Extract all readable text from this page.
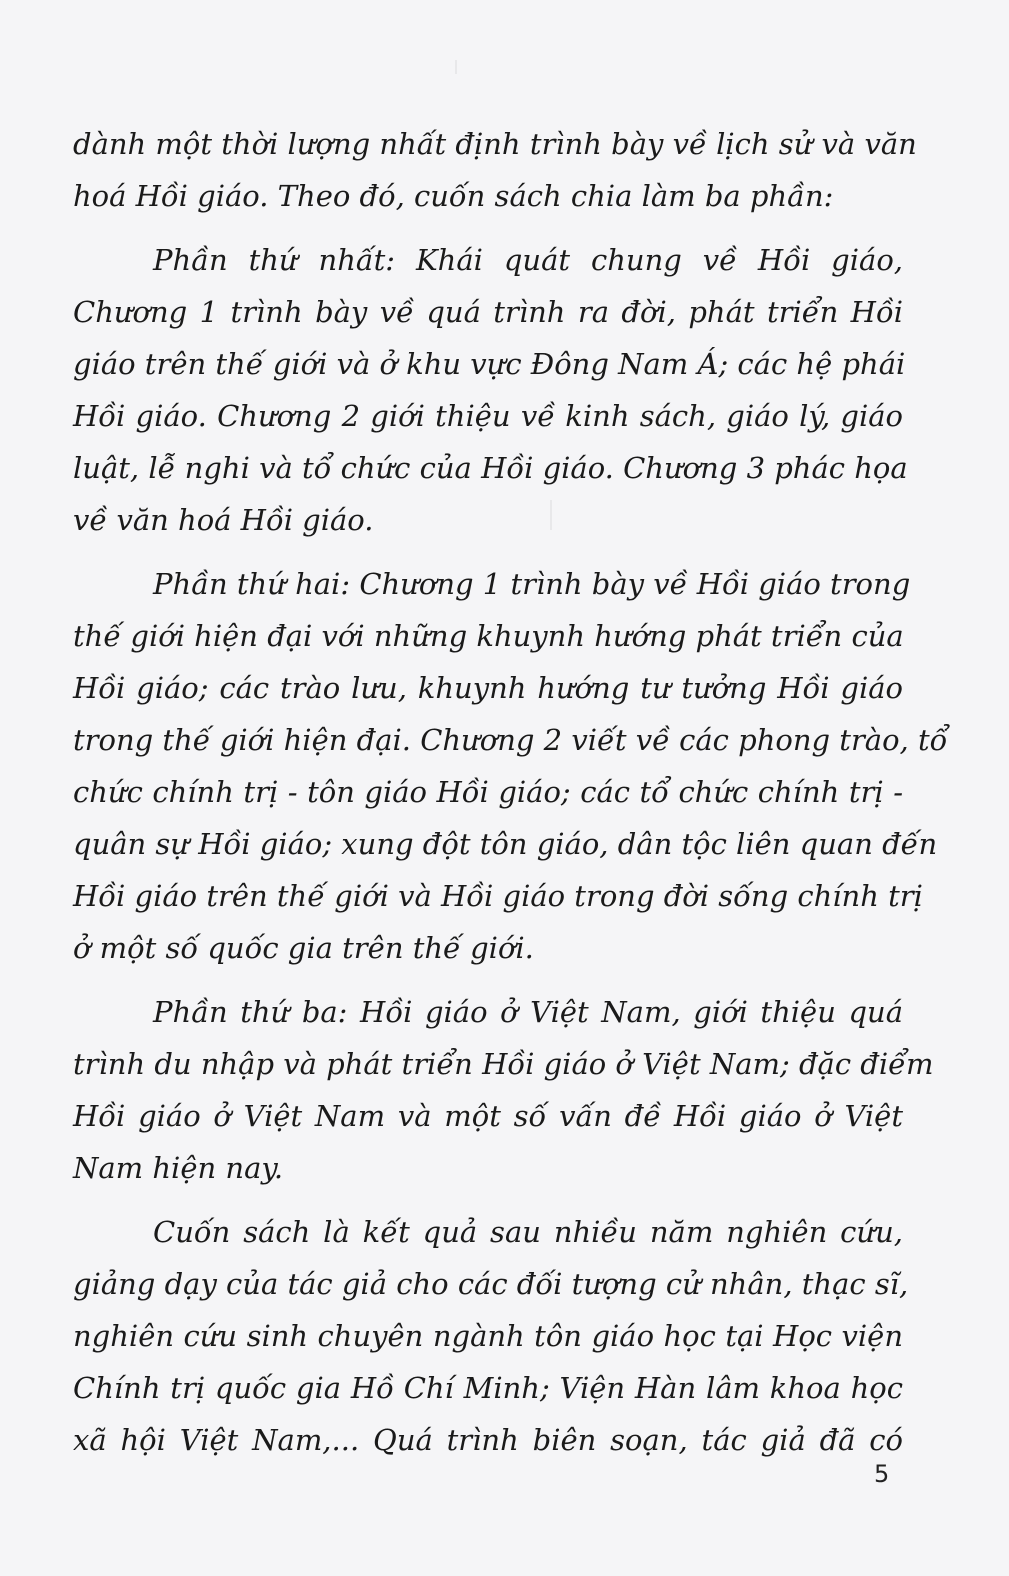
dành một thời lượng nhất định trình bày về lịch sử và văn
hoá Hồi giáo. Theo đó, cuốn sách chia làm ba phần:
Phần thứ nhất: Khái quát chung về Hồi giáo,
Chương 1 trình bày về quá trình ra đời, phát triển Hồi
giáo trên thế giới và ở khu vực Đông Nam Á; các hệ phái
Hồi giáo. Chương 2 giới thiệu về kinh sách, giáo lý, giáo
luật, lễ nghi và tổ chức của Hồi giáo. Chương 3 phác họa
về văn hoá Hồi giáo.
Phần thứ hai: Chương 1 trình bày về Hồi giáo trong
thế giới hiện đại với những khuynh hướng phát triển của
Hồi giáo; các trào lưu, khuynh hướng tư tưởng Hồi giáo
trong thế giới hiện đại. Chương 2 viết về các phong trào, tổ
chức chính trị - tôn giáo Hồi giáo; các tổ chức chính trị -
quân sự Hồi giáo; xung đột tôn giáo, dân tộc liên quan đến
Hồi giáo trên thế giới và Hồi giáo trong đời sống chính trị
ở một số quốc gia trên thế giới.
Phần thứ ba: Hồi giáo ở Việt Nam, giới thiệu quá
trình du nhập và phát triển Hồi giáo ở Việt Nam; đặc điểm
Hồi giáo ở Việt Nam và một số vấn đề Hồi giáo ở Việt
Nam hiện nay.
Cuốn sách là kết quả sau nhiều năm nghiên cứu,
giảng dạy của tác giả cho các đối tượng cử nhân, thạc sĩ,
nghiên cứu sinh chuyên ngành tôn giáo học tại Học viện
Chính trị quốc gia Hồ Chí Minh; Viện Hàn lâm khoa học
xã hội Việt Nam,... Quá trình biên soạn, tác giả đã có
5
